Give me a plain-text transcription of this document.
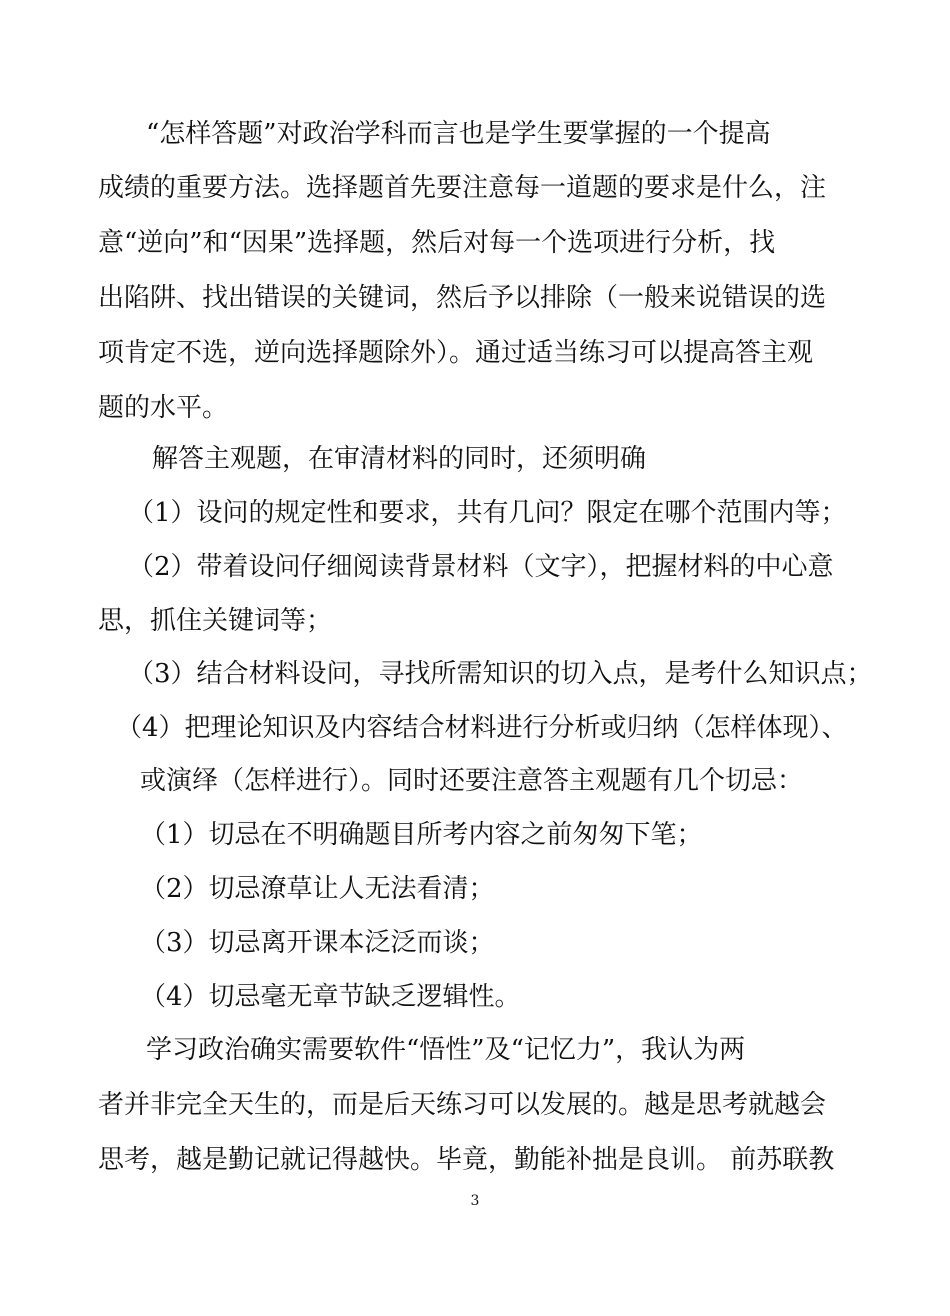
“怎样答题”对政治学科而言也是学生要掌握的一个提高
成绩的重要方法。选择题首先要注意每一道题的要求是什么，注
意“逆向”和“因果”选择题，然后对每一个选项进行分析，找
出陷阱、找出错误的关键词，然后予以排除（一般来说错误的选
项肯定不选，逆向选择题除外）。通过适当练习可以提高答主观
题的水平。
解答主观题，在审清材料的同时，还须明确
（1）设问的规定性和要求，共有几问？限定在哪个范围内等；
（2）带着设问仔细阅读背景材料（文字），把握材料的中心意
思，抓住关键词等；
（3）结合材料设问，寻找所需知识的切入点，是考什么知识点；
（4）把理论知识及内容结合材料进行分析或归纳（怎样体现）、
或演绎（怎样进行）。同时还要注意答主观题有几个切忌：
（1）切忌在不明确题目所考内容之前匆匆下笔；
（2）切忌潦草让人无法看清；
（3）切忌离开课本泛泛而谈；
（4）切忌毫无章节缺乏逻辑性。
学习政治确实需要软件“悟性”及“记忆力”，我认为两
者并非完全天生的，而是后天练习可以发展的。越是思考就越会
思考，越是勤记就记得越快。毕竟，勤能补拙是良训。 前苏联教
3
